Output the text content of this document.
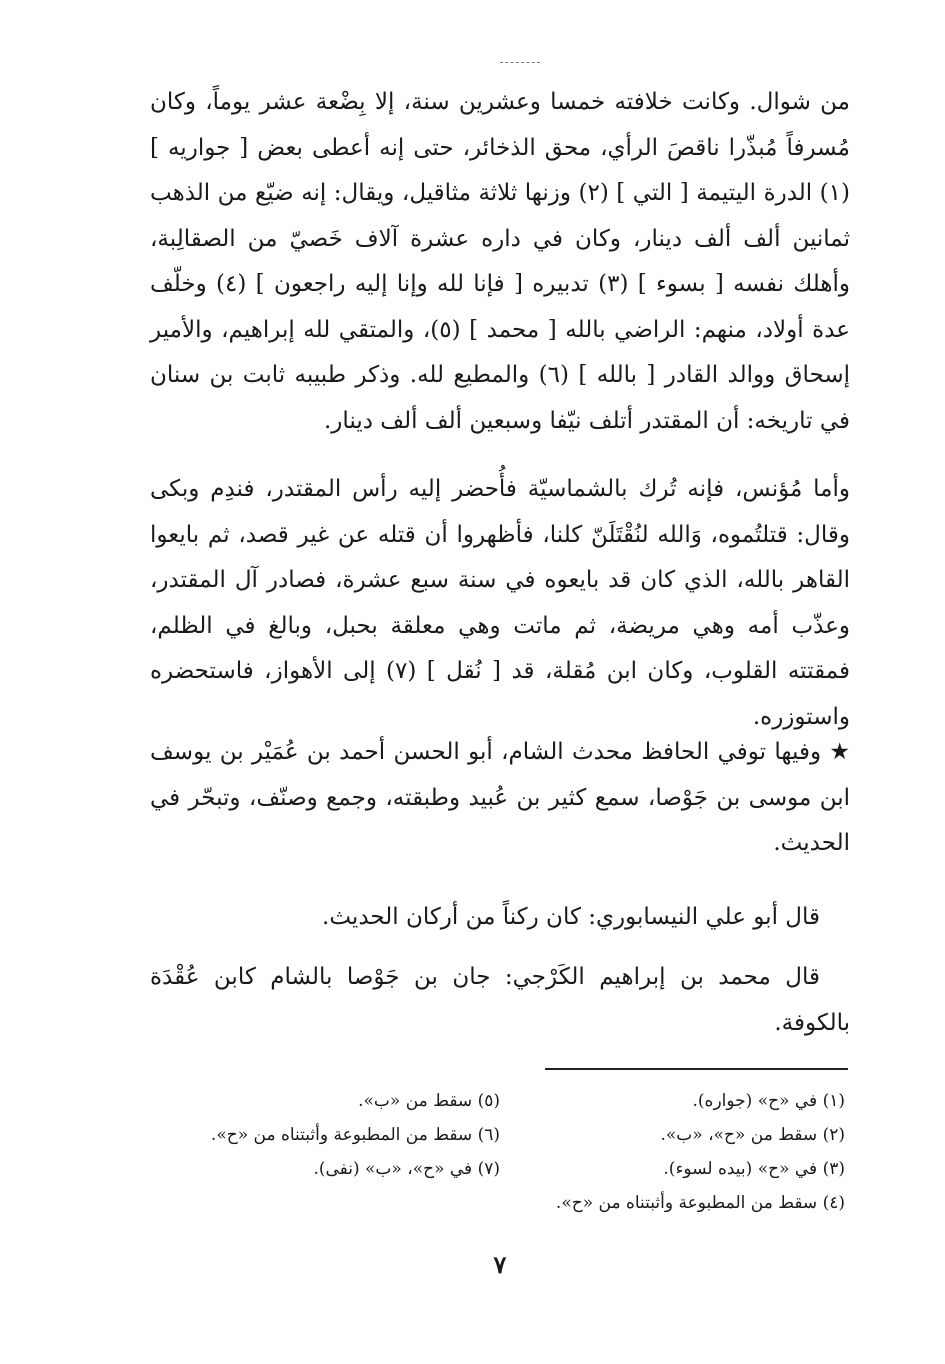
من شوال. وكانت خلافته خمسا وعشرين سنة، إلا بِضْعة عشر يوماً، وكان مُسرفاً مُبذّرا ناقصَ الرأي، محق الذخائر، حتى إنه أعطى بعض [ جواريه ] (١) الدرة اليتيمة [ التي ] (٢) وزنها ثلاثة مثاقيل، ويقال: إنه ضيّع من الذهب ثمانين ألف ألف دينار، وكان في داره عشرة آلاف خَصيّ من الصقالِبة، وأهلك نفسه [ بسوء ] (٣) تدبيره [ فإنا لله وإنا إليه راجعون ] (٤) وخلّف عدة أولاد، منهم: الراضي بالله [ محمد ] (٥)، والمتقي لله إبراهيم، والأمير إسحاق ووالد القادر [ بالله ] (٦) والمطيع لله. وذكر طبيبه ثابت بن سنان في تاريخه: أن المقتدر أتلف نيّفا وسبعين ألف ألف دينار.
وأما مُؤنس، فإنه تُرك بالشماسيّة فأُحضر إليه رأس المقتدر، فندِم وبكى وقال: قتلتُموه، وَالله لنُقْتَلَنّ كلنا، فأظهروا أن قتله عن غير قصد، ثم بايعوا القاهر بالله، الذي كان قد بايعوه في سنة سبع عشرة، فصادر آل المقتدر، وعذّب أمه وهي مريضة، ثم ماتت وهي معلقة بحبل، وبالغ في الظلم، فمقتته القلوب، وكان ابن مُقلة، قد [ نُقل ] (٧) إلى الأهواز، فاستحضره واستوزره.
★ وفيها توفي الحافظ محدث الشام، أبو الحسن أحمد بن عُمَيْر بن يوسف ابن موسى بن جَوْصا، سمع كثير بن عُبيد وطبقته، وجمع وصنّف، وتبحّر في الحديث.
قال أبو علي النيسابوري: كان ركناً من أركان الحديث.
قال محمد بن إبراهيم الكَرْجي: جان بن جَوْصا بالشام كابن عُقْدَة بالكوفة.
(١) في «ح» (جواره).
(٢) سقط من «ح»، «ب».
(٣) في «ح» (بيده لسوء).
(٤) سقط من المطبوعة وأثبتناه من «ح».
(٥) سقط من «ب».
(٦) سقط من المطبوعة وأثبتناه من «ح».
(٧) في «ح»، «ب» (نفى).
٧
